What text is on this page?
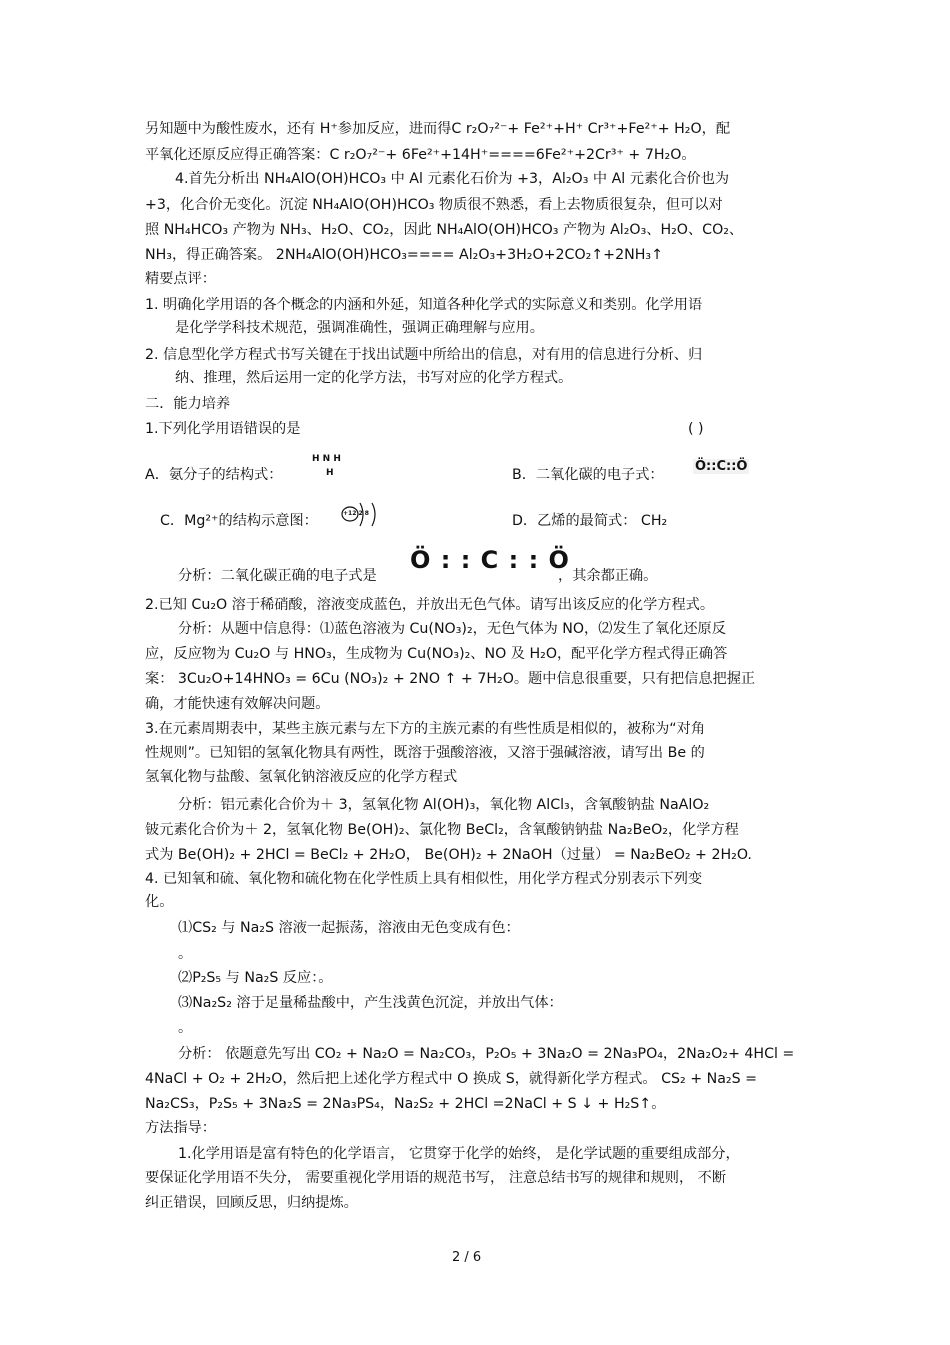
另知题中为酸性废水，还有 H⁺参加反应，进而得C r₂O₇²⁻+ Fe²⁺+H⁺ Cr³⁺+Fe²⁺+ H₂O，配
平氧化还原反应得正确答案：C r₂O₇²⁻+ 6Fe²⁺+14H⁺====6Fe²⁺+2Cr³⁺ + 7H₂O。
4.首先分析出 NH₄AlO(OH)HCO₃ 中 Al 元素化石价为 +3，Al₂O₃ 中 Al 元素化合价也为
+3，化合价无变化。沉淀 NH₄AlO(OH)HCO₃ 物质很不熟悉，看上去物质很复杂，但可以对
照 NH₄HCO₃ 产物为 NH₃、H₂O、CO₂，因此 NH₄AlO(OH)HCO₃ 产物为 Al₂O₃、H₂O、CO₂、
NH₃，得正确答案。 2NH₄AlO(OH)HCO₃==== Al₂O₃+3H₂O+2CO₂↑+2NH₃↑
精要点评：
1. 明确化学用语的各个概念的内涵和外延，知道各种化学式的实际意义和类别。化学用语
是化学学科技术规范，强调准确性，强调正确理解与应用。
2. 信息型化学方程式书写关键在于找出试题中所给出的信息，对有用的信息进行分析、归
纳、推理，然后运用一定的化学方法，书写对应的化学方程式。
二．能力培养
1.下列化学用语错误的是	( )
A．氨分子的结构式：
H N H
H	B．二氧化碳的电子式：
Ö::C::Ö
C．Mg²⁺的结构示意图：	+12 2 8	D．乙烯的最简式： CH₂
分析：二氧化碳正确的电子式是
Ö : : C : : Ö
，其余都正确。
2.已知 Cu₂O 溶于稀硝酸，溶液变成蓝色，并放出无色气体。请写出该反应的化学方程式。
分析：从题中信息得：⑴蓝色溶液为 Cu(NO₃)₂，无色气体为 NO，⑵发生了氧化还原反
应，反应物为 Cu₂O 与 HNO₃，生成物为 Cu(NO₃)₂、NO 及 H₂O，配平化学方程式得正确答
案： 3Cu₂O+14HNO₃ = 6Cu (NO₃)₂ + 2NO ↑ + 7H₂O。题中信息很重要，只有把信息把握正
确，才能快速有效解决问题。
3.在元素周期表中，某些主族元素与左下方的主族元素的有些性质是相似的，被称为“对角
性规则”。已知铝的氢氧化物具有两性，既溶于强酸溶液，又溶于强碱溶液，请写出 Be 的
氢氧化物与盐酸、氢氧化钠溶液反应的化学方程式
分析：铝元素化合价为＋ 3，氢氧化物 Al(OH)₃，氧化物 AlCl₃，含氧酸钠盐 NaAlO₂
铍元素化合价为＋ 2，氢氧化物 Be(OH)₂、氯化物 BeCl₂，含氧酸钠钠盐 Na₂BeO₂，化学方程
式为 Be(OH)₂ + 2HCl = BeCl₂ + 2H₂O， Be(OH)₂ + 2NaOH（过量） = Na₂BeO₂ + 2H₂O.
4. 已知氧和硫、氧化物和硫化物在化学性质上具有相似性，用化学方程式分别表示下列变
化。
⑴CS₂ 与 Na₂S 溶液一起振荡，溶液由无色变成有色：
。
⑵P₂S₅ 与 Na₂S 反应：。
⑶Na₂S₂ 溶于足量稀盐酸中，产生浅黄色沉淀，并放出气体：
。
分析： 依题意先写出 CO₂ + Na₂O = Na₂CO₃，P₂O₅ + 3Na₂O = 2Na₃PO₄，2Na₂O₂+ 4HCl =
4NaCl + O₂ + 2H₂O，然后把上述化学方程式中 O 换成 S，就得新化学方程式。 CS₂ + Na₂S =
Na₂CS₃，P₂S₅ + 3Na₂S = 2Na₃PS₄，Na₂S₂ + 2HCl =2NaCl + S ↓ + H₂S↑。
方法指导：
1.化学用语是富有特色的化学语言， 它贯穿于化学的始终， 是化学试题的重要组成部分，
要保证化学用语不失分， 需要重视化学用语的规范书写， 注意总结书写的规律和规则， 不断
纠正错误，回顾反思，归纳提炼。
2 / 6
